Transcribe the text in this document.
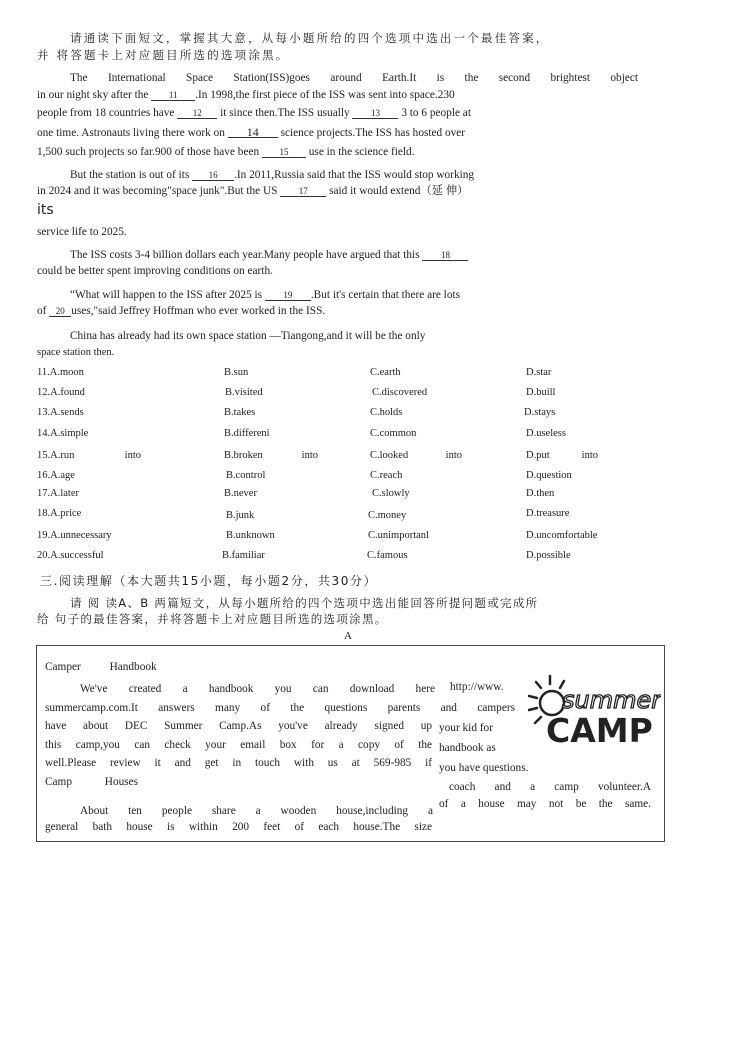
请通读下面短文，掌握其大意，从每小题所给的四个选项中选出一个最佳答案，
并 将答题卡上对应题目所选的选项涂黑。
The International Space Station(ISS)goes around Earth.It is the second brightest object
in our night sky after the 11 .In 1998,the first piece of the ISS was sent into space.230
people from 18 countries have 12 it since then.The ISS usually 13 3 to 6 people at
one time. Astronauts living there work on 14 science projects.The ISS has hosted over
1,500 such projects so far.900 of those have been 15 use in the science field.
But the station is out of its 16 .In 2011,Russia said that the ISS would stop working
in 2024 and it was becoming"space junk".But the US 17 said it would extend（延 伸）
its
service life to 2025.
The ISS costs 3-4 billion dollars each year.Many people have argued that this 18
could be better spent improving conditions on earth.
“What will happen to the ISS after 2025 is 19 .But it's certain that there are lots
of 20 uses,"said Jeffrey Hoffman who ever worked in the ISS.
China has already had its own space station —Tiangong,and it will be the only
space station then.
11.A.moon	B.sun	C.earth	D.star
12.A.found	B.visited	C.discovered	D.buill
13.A.sends	B.takes	C.holds	D.stays
14.A.simple	B.differeni	C.common	D.useless
15.A.run into	B.broken into	C.looked into	D.put into
16.A.age	B.control	C.reach	D.question
17.A.later	B.never	C.slowly	D.then
18.A.price	B.junk	C.money	D.treasure
19.A.unnecessary	B.unknown	C.unimportanl	D.uncomfortable
20.A.successful	B.familiar	C.famous	D.possible
三.阅读理解（本大题共15小题，每小题2分，共30分）
请 阅 读A、B 两篇短文，从每小题所给的四个选项中选出能回答所提问题或完成所
给 句子的最佳答案，并将答题卡上对应题目所选的选项涂黑。
A
Camper Handbook
We've created a handbook you can download here
summercamp.com.It answers many of the questions parents and campers
have about DEC Summer Camp.As you've already signed up
this camp,you can check your email box for a copy of the
well.Please review it and get in touch with us at 569-985 if
Camp Houses
About ten people share a wooden house,including a
general bath house is within 200 feet of each house.The size
http://www.
your kid for
handbook as
you have questions.
coach and a camp volunteer.A
of a house may not be the same.
summer
CAMP
